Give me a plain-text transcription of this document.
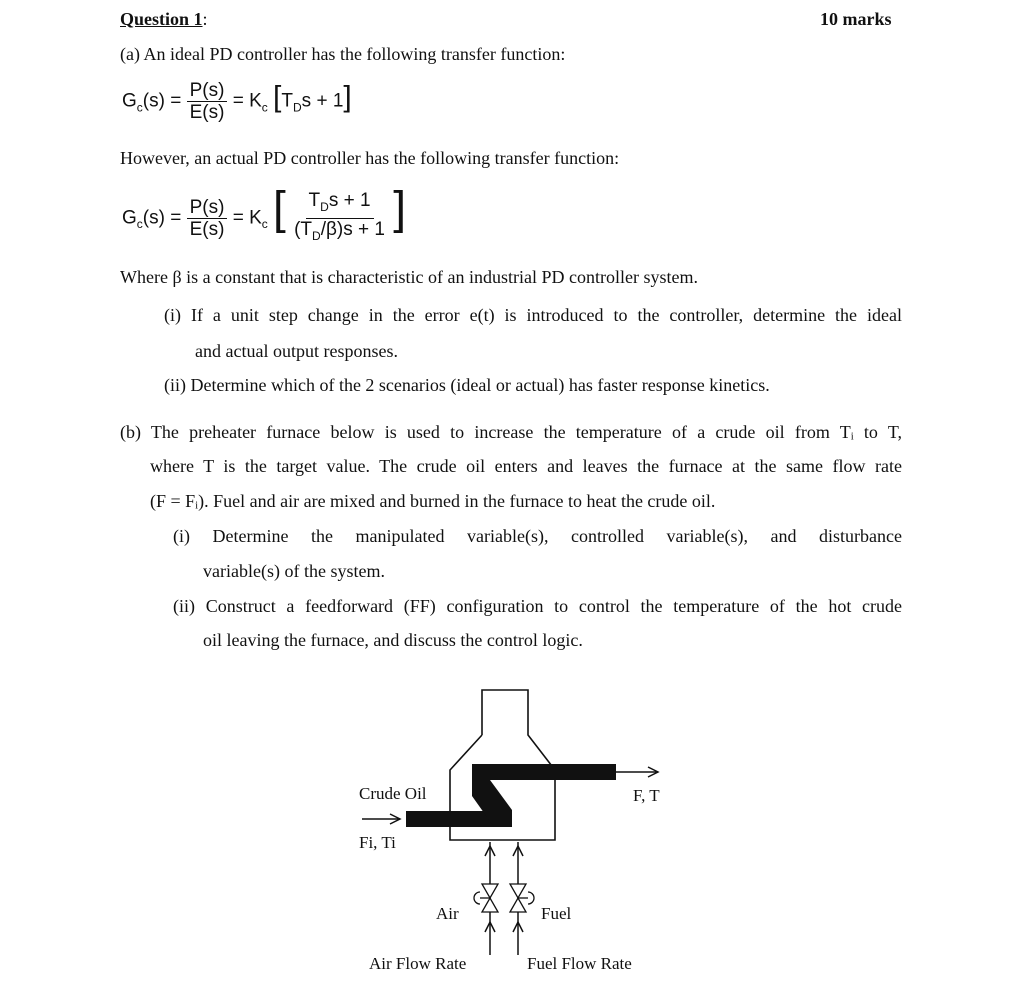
Question 1:	10 marks
(a) An ideal PD controller has the following transfer function:
$G_c(s) = \frac{P(s)}{E(s)} = K_c$ $[T_Ds + 1]$
However, an actual PD controller has the following transfer function:
$G_c(s) = \frac{P(s)}{E(s)} = K_c$ [ $\frac{T_Ds + 1}{(T_D/\beta)s + 1}$ ]
Where β is a constant that is characteristic of an industrial PD controller system.
(i) If a unit step change in the error e(t) is introduced to the controller, determine the ideal
and actual output responses.
(ii) Determine which of the 2 scenarios (ideal or actual) has faster response kinetics.
(b) The preheater furnace below is used to increase the temperature of a crude oil from Tᵢ to T,
where T is the target value. The crude oil enters and leaves the furnace at the same flow rate
(F = Fᵢ). Fuel and air are mixed and burned in the furnace to heat the crude oil.
(i) Determine the manipulated variable(s), controlled variable(s), and disturbance
variable(s) of the system.
(ii) Construct a feedforward (FF) configuration to control the temperature of the hot crude
oil leaving the furnace, and discuss the control logic.
Crude Oil
Fi, Ti
F, T
Air	Fuel
Air Flow Rate	Fuel Flow Rate
